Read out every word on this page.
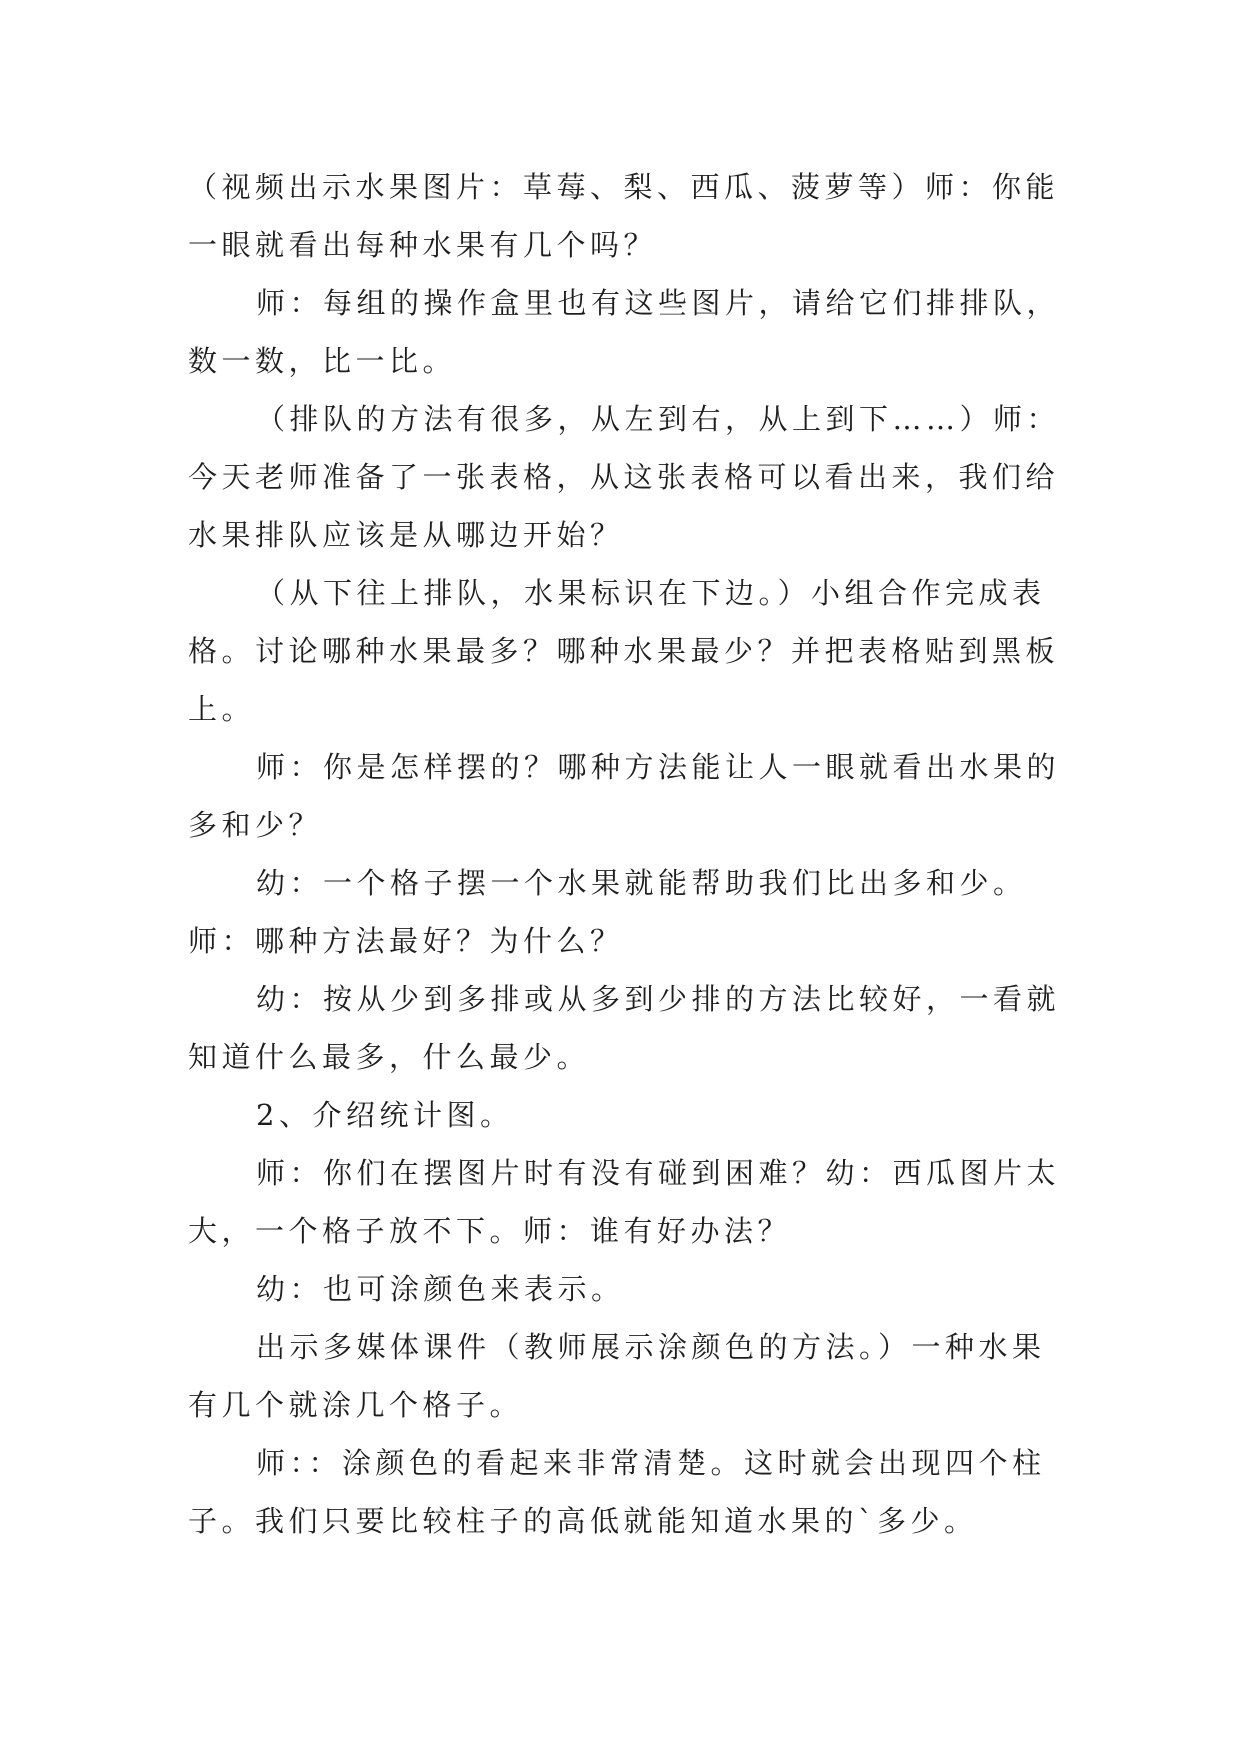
（视频出示水果图片：草莓、梨、西瓜、菠萝等）师：你能一眼就看出每种水果有几个吗？

师：每组的操作盒里也有这些图片，请给它们排排队，数一数，比一比。

（排队的方法有很多，从左到右，从上到下……）师：今天老师准备了一张表格，从这张表格可以看出来，我们给水果排队应该是从哪边开始？

（从下往上排队，水果标识在下边。）小组合作完成表格。讨论哪种水果最多？哪种水果最少？并把表格贴到黑板上。

师：你是怎样摆的？哪种方法能让人一眼就看出水果的多和少？

幼：一个格子摆一个水果就能帮助我们比出多和少。师：哪种方法最好？为什么？

幼：按从少到多排或从多到少排的方法比较好，一看就知道什么最多，什么最少。

2、介绍统计图。

师：你们在摆图片时有没有碰到困难？幼：西瓜图片太大，一个格子放不下。师：谁有好办法？

幼：也可涂颜色来表示。

出示多媒体课件（教师展示涂颜色的方法。）一种水果有几个就涂几个格子。

师：：涂颜色的看起来非常清楚。这时就会出现四个柱子。我们只要比较柱子的高低就能知道水果的`多少。
